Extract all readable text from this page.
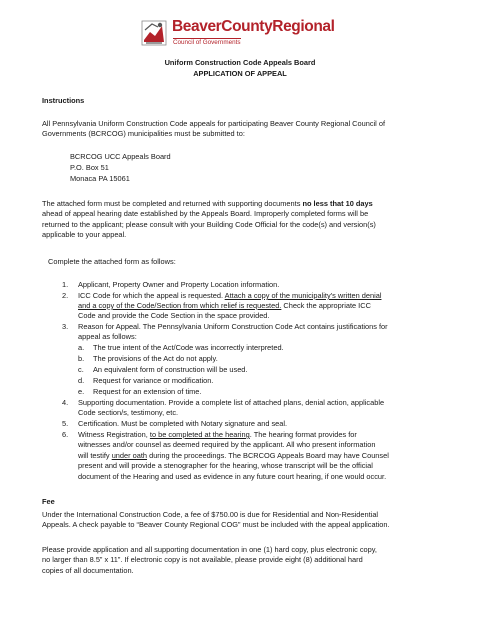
BeaverCountyRegional
Council of Governments
Uniform Construction Code Appeals Board
APPLICATION OF APPEAL
Instructions
All Pennsylvania Uniform Construction Code appeals for participating Beaver County Regional Council of
Governments (BCRCOG) municipalities must be submitted to:
BCRCOG UCC Appeals Board
P.O. Box 51
Monaca PA 15061
The attached form must be completed and returned with supporting documents no less that 10 days
ahead of appeal hearing date established by the Appeals Board. Improperly completed forms will be
returned to the applicant; please consult with your Building Code Official for the code(s) and version(s)
applicable to your appeal.
Complete the attached form as follows:
1. Applicant, Property Owner and Property Location information.
2. ICC Code for which the appeal is requested. Attach a copy of the municipality’s written denial
and a copy of the Code/Section from which relief is requested. Check the appropriate ICC
Code and provide the Code Section in the space provided.
3. Reason for Appeal. The Pennsylvania Uniform Construction Code Act contains justifications for
appeal as follows:
a. The true intent of the Act/Code was incorrectly interpreted.
b. The provisions of the Act do not apply.
c. An equivalent form of construction will be used.
d. Request for variance or modification.
e. Request for an extension of time.
4. Supporting documentation. Provide a complete list of attached plans, denial action, applicable
Code section/s, testimony, etc.
5. Certification. Must be completed with Notary signature and seal.
6. Witness Registration, to be completed at the hearing. The hearing format provides for
witnesses and/or counsel as deemed required by the applicant. All who present information
will testify under oath during the proceedings. The BCRCOG Appeals Board may have Counsel
present and will provide a stenographer for the hearing, whose transcript will be the official
document of the Hearing and used as evidence in any future court hearing, if one would occur.
Fee
Under the International Construction Code, a fee of $750.00 is due for Residential and Non-Residential
Appeals. A check payable to “Beaver County Regional COG” must be included with the appeal application.
Please provide application and all supporting documentation in one (1) hard copy, plus electronic copy,
no larger than 8.5” x 11”. If electronic copy is not available, please provide eight (8) additional hard
copies of all documentation.
